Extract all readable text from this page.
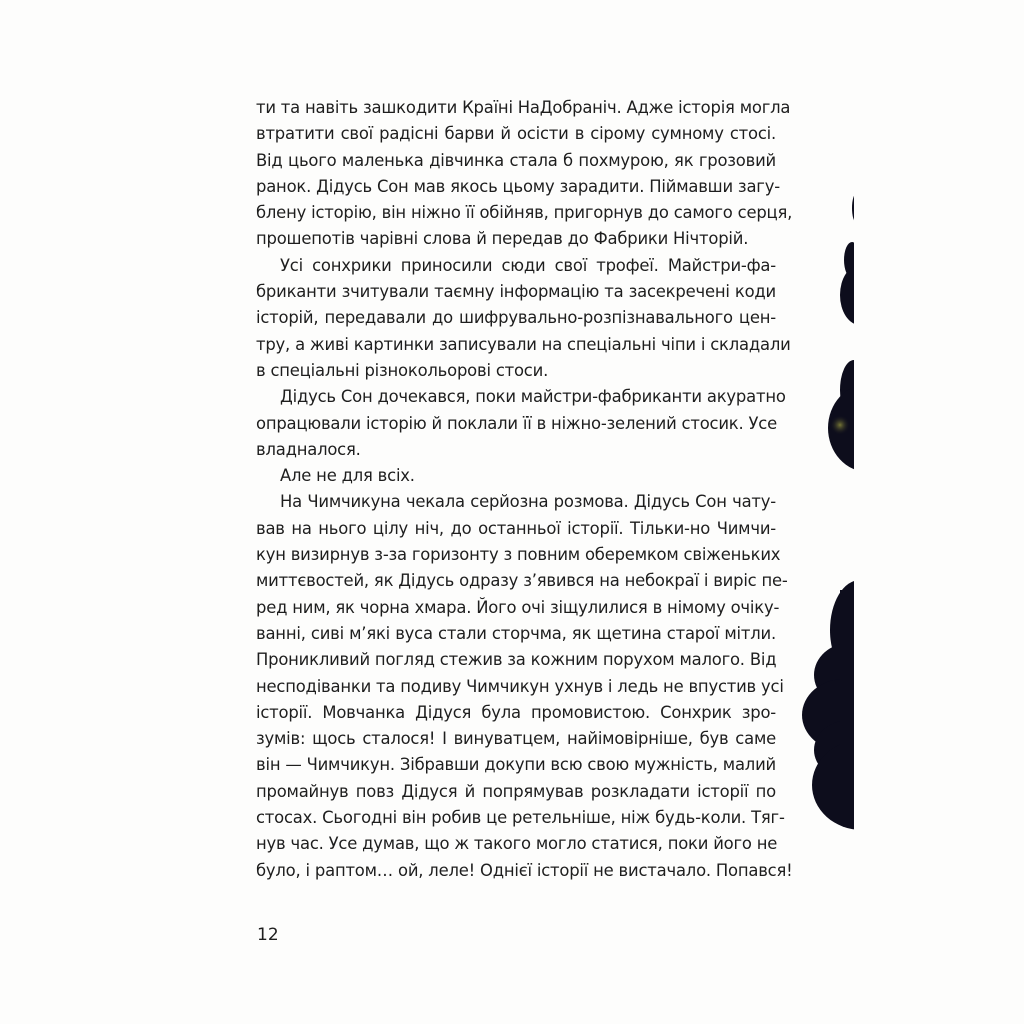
ти та навіть зашкодити Країні НаДобраніч. Адже історія могла
втратити свої радісні барви й осісти в сірому сумному стосі.
Від цього маленька дівчинка стала б похмурою, як грозовий
ранок. Дідусь Сон мав якось цьому зарадити. Піймавши загу-
блену історію, він ніжно її обійняв, пригорнув до самого серця,
прошепотів чарівні слова й передав до Фабрики Нічторій.
Усі сонхрики приносили сюди свої трофеї. Майстри-фа-
бриканти зчитували таємну інформацію та засекречені коди
історій, передавали до шифрувально-розпізнавального цен-
тру, а живі картинки записували на спеціальні чіпи і складали
в спеціальні різнокольорові стоси.
Дідусь Сон дочекався, поки майстри-фабриканти акуратно
опрацювали історію й поклали її в ніжно-зелений стосик. Усе
владналося.
Але не для всіх.
На Чимчикуна чекала серйозна розмова. Дідусь Сон чату-
вав на нього цілу ніч, до останньої історії. Тільки-но Чимчи-
кун визирнув з-за горизонту з повним оберемком свіженьких
миттєвостей, як Дідусь одразу з’явився на небокраї і виріс пе-
ред ним, як чорна хмара. Його очі зіщулилися в німому очіку-
ванні, сиві м’які вуса стали сторчма, як щетина старої мітли.
Проникливий погляд стежив за кожним порухом малого. Від
несподіванки та подиву Чимчикун ухнув і ледь не впустив усі
історії. Мовчанка Дідуся була промовистою. Сонхрик зро-
зумів: щось сталося! І винуватцем, найімовірніше, був саме
він — Чимчикун. Зібравши докупи всю свою мужність, малий
промайнув повз Дідуся й попрямував розкладати історії по
стосах. Сьогодні він робив це ретельніше, ніж будь-коли. Тяг-
нув час. Усе думав, що ж такого могло статися, поки його не
було, і раптом… ой, леле! Однієї історії не вистачало. Попався!
12
